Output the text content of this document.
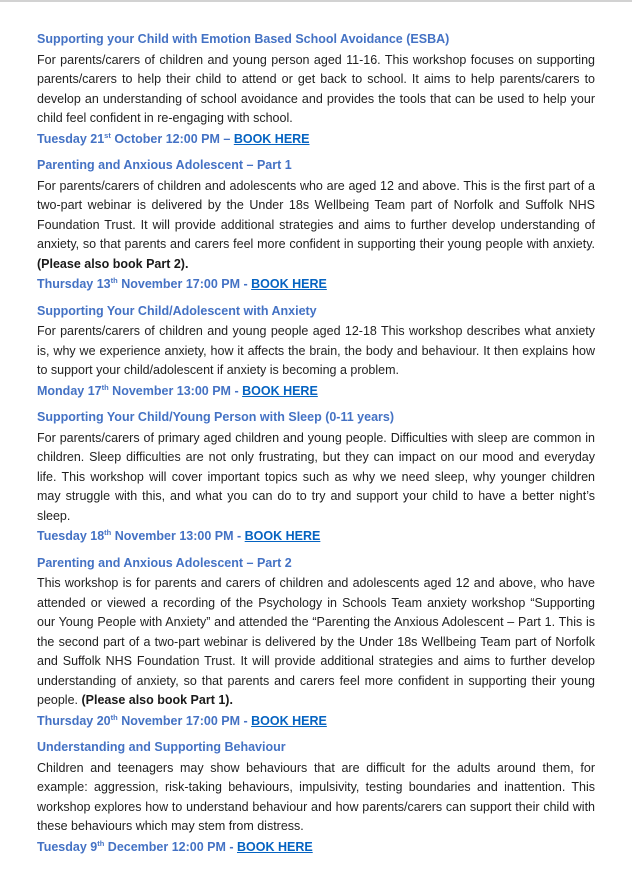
Supporting your Child with Emotion Based School Avoidance (ESBA)

For parents/carers of children and young person aged 11-16. This workshop focuses on supporting parents/carers to help their child to attend or get back to school. It aims to help parents/carers to develop an understanding of school avoidance and provides the tools that can be used to help your child feel confident in re-engaging with school.

Tuesday 21st October 12:00 PM – BOOK HERE

Parenting and Anxious Adolescent – Part 1

For parents/carers of children and adolescents who are aged 12 and above. This is the first part of a two-part webinar is delivered by the Under 18s Wellbeing Team part of Norfolk and Suffolk NHS Foundation Trust. It will provide additional strategies and aims to further develop understanding of anxiety, so that parents and carers feel more confident in supporting their young people with anxiety. (Please also book Part 2).

Thursday 13th November 17:00 PM - BOOK HERE

Supporting Your Child/Adolescent with Anxiety

For parents/carers of children and young people aged 12-18 This workshop describes what anxiety is, why we experience anxiety, how it affects the brain, the body and behaviour. It then explains how to support your child/adolescent if anxiety is becoming a problem.

Monday 17th November 13:00 PM - BOOK HERE

Supporting Your Child/Young Person with Sleep (0-11 years)

For parents/carers of primary aged children and young people. Difficulties with sleep are common in children. Sleep difficulties are not only frustrating, but they can impact on our mood and everyday life. This workshop will cover important topics such as why we need sleep, why younger children may struggle with this, and what you can do to try and support your child to have a better night’s sleep.

Tuesday 18th November 13:00 PM - BOOK HERE

Parenting and Anxious Adolescent – Part 2

This workshop is for parents and carers of children and adolescents aged 12 and above, who have attended or viewed a recording of the Psychology in Schools Team anxiety workshop “Supporting our Young People with Anxiety” and attended the “Parenting the Anxious Adolescent – Part 1. This is the second part of a two-part webinar is delivered by the Under 18s Wellbeing Team part of Norfolk and Suffolk NHS Foundation Trust. It will provide additional strategies and aims to further develop understanding of anxiety, so that parents and carers feel more confident in supporting their young people. (Please also book Part 1).

Thursday 20th November 17:00 PM - BOOK HERE

Understanding and Supporting Behaviour

Children and teenagers may show behaviours that are difficult for the adults around them, for example: aggression, risk-taking behaviours, impulsivity, testing boundaries and inattention. This workshop explores how to understand behaviour and how parents/carers can support their child with these behaviours which may stem from distress.

Tuesday 9th December 12:00 PM - BOOK HERE
